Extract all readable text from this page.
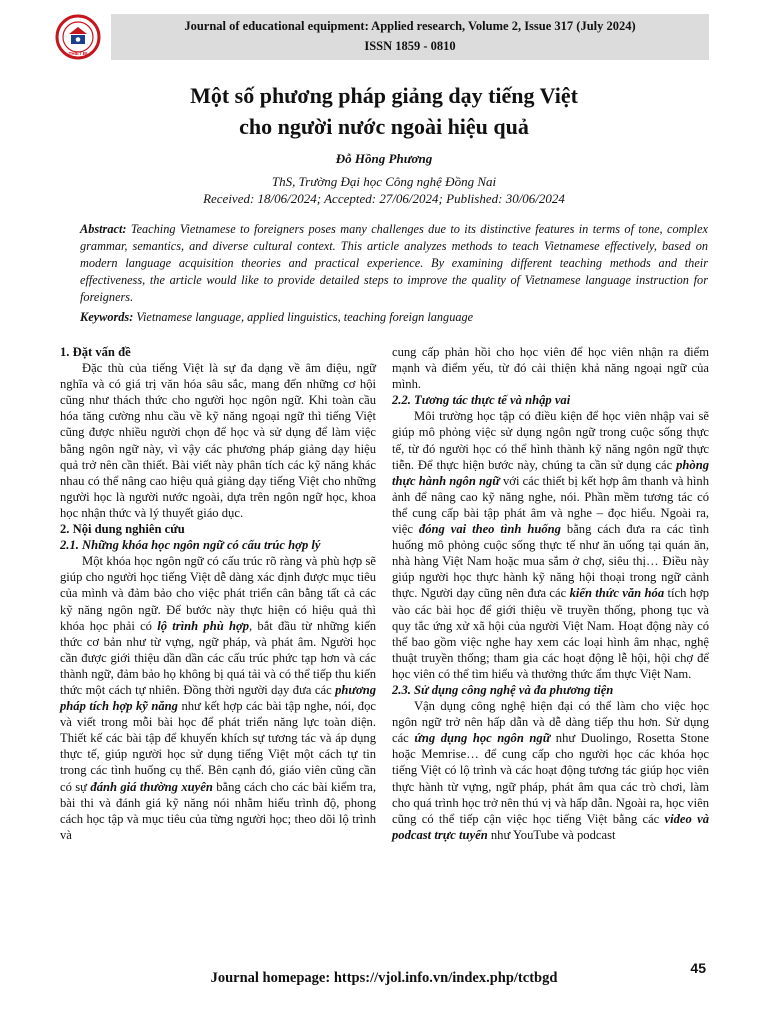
THIẾT BỊ
Journal of educational equipment: Applied research, Volume 2, Issue 317 (July 2024)
ISSN 1859 - 0810
Một số phương pháp giảng dạy tiếng Việt
cho người nước ngoài hiệu quả
Đỗ Hồng Phương
ThS, Trường Đại học Công nghệ Đồng Nai
Received: 18/06/2024; Accepted: 27/06/2024; Published: 30/06/2024
Abstract: Teaching Vietnamese to foreigners poses many challenges due to its distinctive features in terms of tone, complex grammar, semantics, and diverse cultural context. This article analyzes methods to teach Vietnamese effectively, based on modern language acquisition theories and practical experience. By examining different teaching methods and their effectiveness, the article would like to provide detailed steps to improve the quality of Vietnamese language instruction for foreigners.
Keywords: Vietnamese language, applied linguistics, teaching foreign language
1. Đặt vấn đề
Đặc thù của tiếng Việt là sự đa dạng về âm điệu, ngữ nghĩa và có giá trị văn hóa sâu sắc, mang đến những cơ hội cũng như thách thức cho người học ngôn ngữ. Khi toàn cầu hóa tăng cường nhu cầu về kỹ năng ngoại ngữ thì tiếng Việt cũng được nhiều người chọn để học và sử dụng để làm việc bằng ngôn ngữ này, vì vậy các phương pháp giảng dạy hiệu quả trở nên cần thiết. Bài viết này phân tích các kỹ năng khác nhau có thể nâng cao hiệu quả giảng dạy tiếng Việt cho những người học là người nước ngoài, dựa trên ngôn ngữ học, khoa học nhận thức và lý thuyết giáo dục.
2. Nội dung nghiên cứu
2.1. Những khóa học ngôn ngữ có cấu trúc hợp lý
Một khóa học ngôn ngữ có cấu trúc rõ ràng và phù hợp sẽ giúp cho người học tiếng Việt dễ dàng xác định được mục tiêu của mình và đảm bảo cho việc phát triển cân bằng tất cả các kỹ năng ngôn ngữ. Để bước này thực hiện có hiệu quả thì khóa học phải có lộ trình phù hợp, bắt đầu từ những kiến thức cơ bản như từ vựng, ngữ pháp, và phát âm. Người học cần được giới thiệu dần dần các cấu trúc phức tạp hơn và các thành ngữ, đảm bảo họ không bị quá tải và có thể tiếp thu kiến thức một cách tự nhiên. Đồng thời người dạy đưa các phương pháp tích hợp kỹ năng như kết hợp các bài tập nghe, nói, đọc và viết trong mỗi bài học để phát triển năng lực toàn diện. Thiết kế các bài tập để khuyến khích sự tương tác và áp dụng thực tế, giúp người học sử dụng tiếng Việt một cách tự tin trong các tình huống cụ thể. Bên cạnh đó, giáo viên cũng cần có sự đánh giá thường xuyên bằng cách cho các bài kiểm tra, bài thi và đánh giá kỹ năng nói nhằm hiểu trình độ, phong cách học tập và mục tiêu của từng người học; theo dõi lộ trình và
cung cấp phản hồi cho học viên để học viên nhận ra điểm mạnh và điểm yếu, từ đó cải thiện khả năng ngoại ngữ của mình.
2.2. Tương tác thực tế và nhập vai
Môi trường học tập có điều kiện để học viên nhập vai sẽ giúp mô phỏng việc sử dụng ngôn ngữ trong cuộc sống thực tế, từ đó người học có thể hình thành kỹ năng ngôn ngữ thực tiễn. Để thực hiện bước này, chúng ta cần sử dụng các phòng thực hành ngôn ngữ với các thiết bị kết hợp âm thanh và hình ảnh để nâng cao kỹ năng nghe, nói. Phần mềm tương tác có thể cung cấp bài tập phát âm và nghe – đọc hiểu. Ngoài ra, việc đóng vai theo tình huống bằng cách đưa ra các tình huống mô phỏng cuộc sống thực tế như ăn uống tại quán ăn, nhà hàng Việt Nam hoặc mua sắm ở chợ, siêu thị… Điều này giúp người học thực hành kỹ năng hội thoại trong ngữ cảnh thực. Người dạy cũng nên đưa các kiến thức văn hóa tích hợp vào các bài học để giới thiệu về truyền thống, phong tục và quy tắc ứng xử xã hội của người Việt Nam. Hoạt động này có thể bao gồm việc nghe hay xem các loại hình âm nhạc, nghệ thuật truyền thống; tham gia các hoạt động lễ hội, hội chợ để học viên có thể tìm hiểu và thưởng thức ẩm thực Việt Nam.
2.3. Sử dụng công nghệ và đa phương tiện
Vận dụng công nghệ hiện đại có thể làm cho việc học ngôn ngữ trở nên hấp dẫn và dễ dàng tiếp thu hơn. Sử dụng các ứng dụng học ngôn ngữ như Duolingo, Rosetta Stone hoặc Memrise… để cung cấp cho người học các khóa học tiếng Việt có lộ trình và các hoạt động tương tác giúp học viên thực hành từ vựng, ngữ pháp, phát âm qua các trò chơi, làm cho quá trình học trở nên thú vị và hấp dẫn. Ngoài ra, học viên cũng có thể tiếp cận việc học tiếng Việt bằng các video và podcast trực tuyến như YouTube và podcast
45
Journal homepage: https://vjol.info.vn/index.php/tctbgd
